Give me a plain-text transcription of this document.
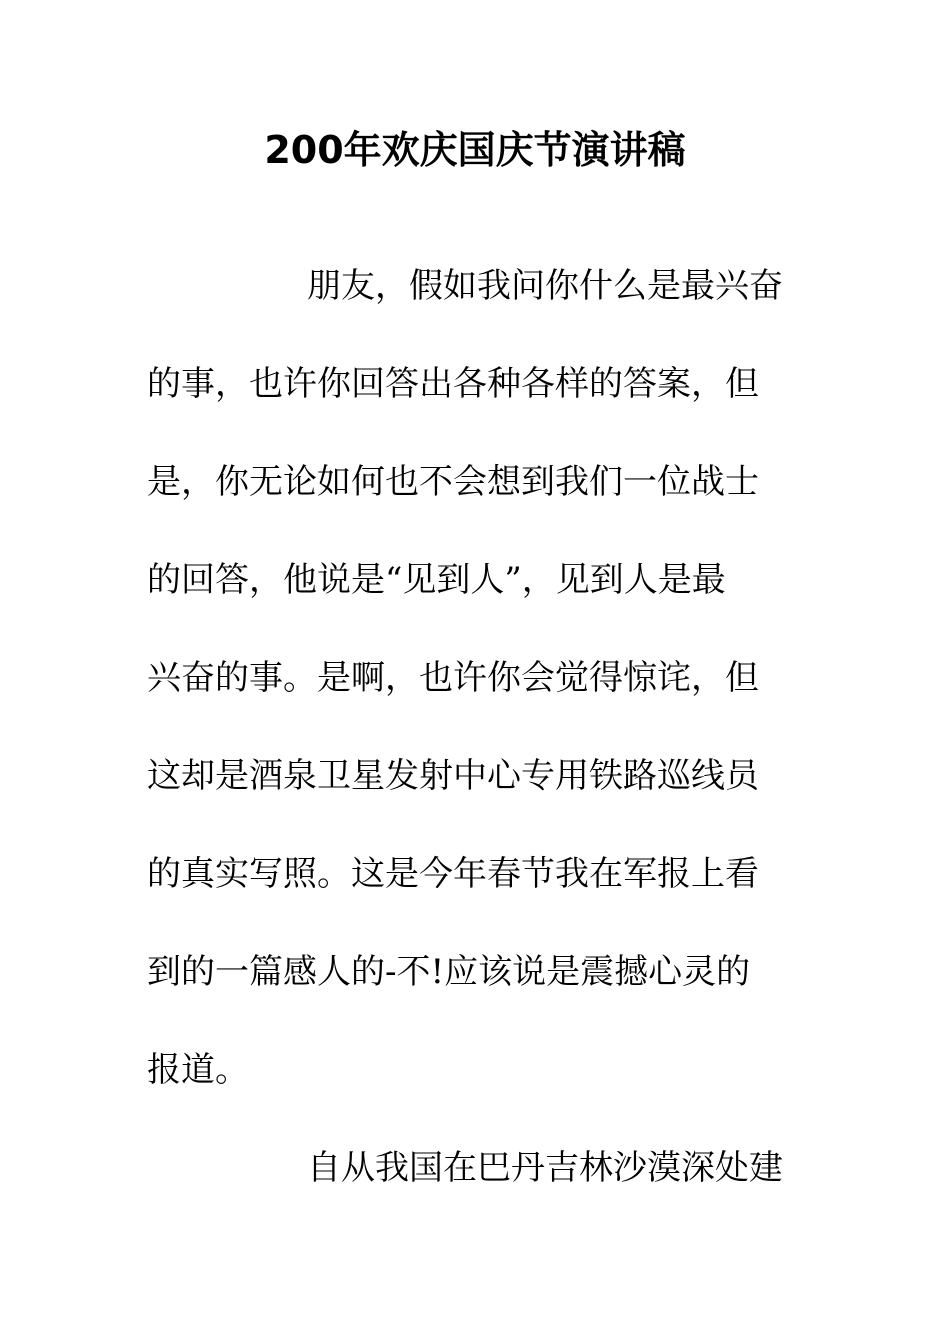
200年欢庆国庆节演讲稿
朋友，假如我问你什么是最兴奋
的事，也许你回答出各种各样的答案，但
是，你无论如何也不会想到我们一位战士
的回答，他说是“见到人”，见到人是最
兴奋的事。是啊，也许你会觉得惊诧，但
这却是酒泉卫星发射中心专用铁路巡线员
的真实写照。这是今年春节我在军报上看
到的一篇感人的-不!应该说是震撼心灵的
报道。
自从我国在巴丹吉林沙漠深处建
